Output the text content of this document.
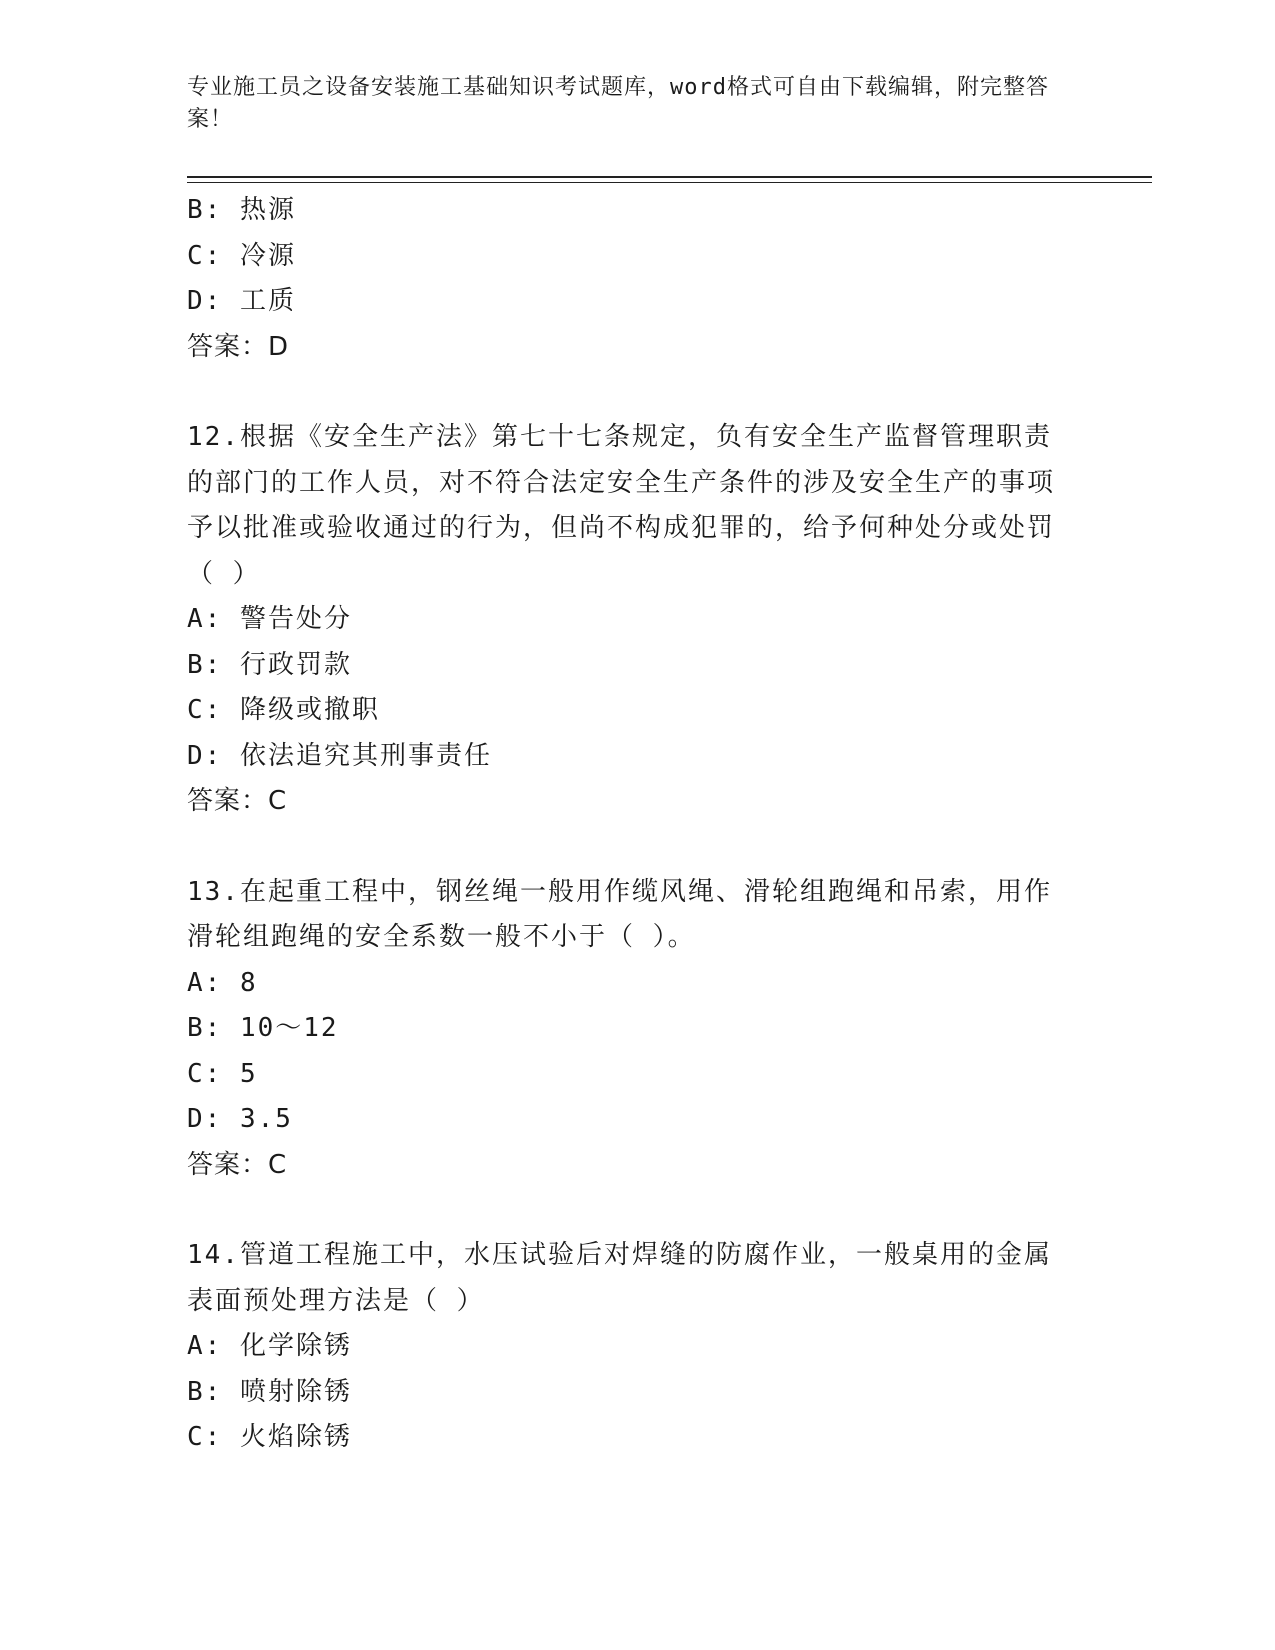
专业施工员之设备安装施工基础知识考试题库，word格式可自由下载编辑，附完整答案！
B: 热源
C: 冷源
D: 工质
答案：D
12.根据《安全生产法》第七十七条规定，负有安全生产监督管理职责的部门的工作人员，对不符合法定安全生产条件的涉及安全生产的事项予以批准或验收通过的行为，但尚不构成犯罪的，给予何种处分或处罚（ ）
A: 警告处分
B: 行政罚款
C: 降级或撤职
D: 依法追究其刑事责任
答案：C
13.在起重工程中，钢丝绳一般用作缆风绳、滑轮组跑绳和吊索，用作滑轮组跑绳的安全系数一般不小于（ ）。
A: 8
B: 10～12
C: 5
D: 3.5
答案：C
14.管道工程施工中，水压试验后对焊缝的防腐作业，一般桌用的金属表面预处理方法是（ ）
A: 化学除锈
B: 喷射除锈
C: 火焰除锈
